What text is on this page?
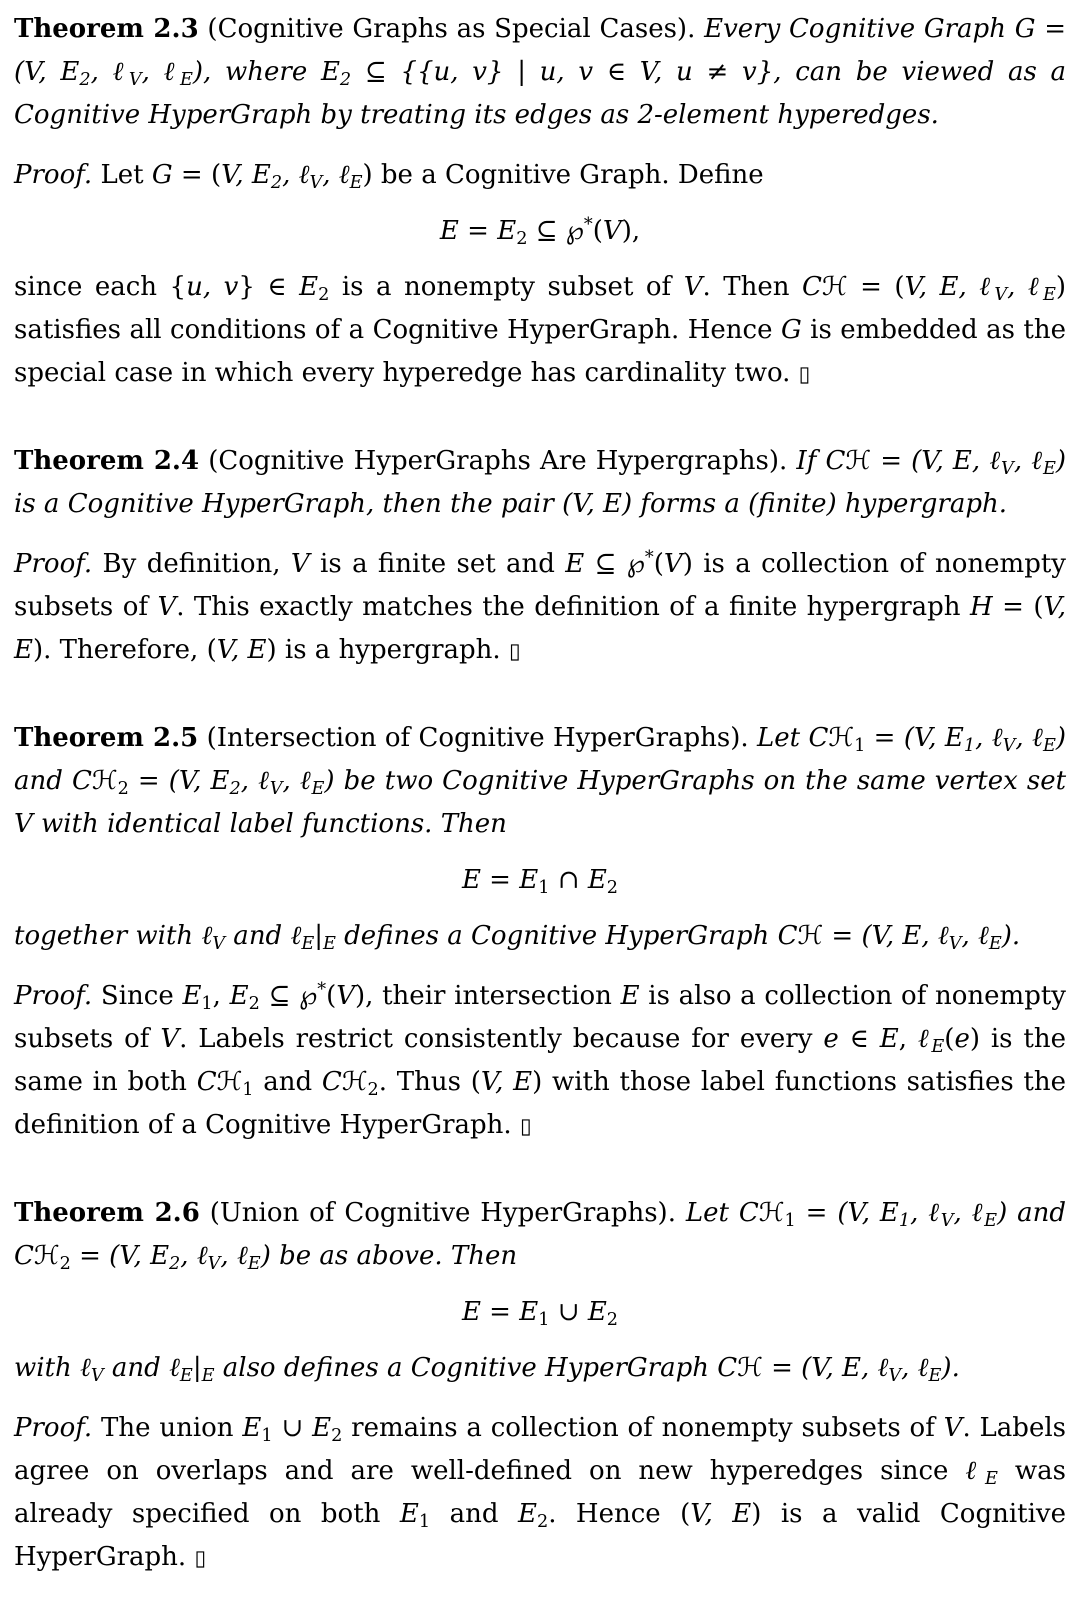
Theorem 2.3 (Cognitive Graphs as Special Cases). Every Cognitive Graph G = (V, E2, ℓV, ℓE), where E2 ⊆ {{u, v} | u, v ∈ V, u ≠ v}, can be viewed as a Cognitive HyperGraph by treating its edges as 2-element hyperedges.
Proof. Let G = (V, E2, ℓV, ℓE) be a Cognitive Graph. Define
E = E2 ⊆ ℘*(V),
since each {u, v} ∈ E2 is a nonempty subset of V. Then Cℋ = (V, E, ℓV, ℓE) satisfies all conditions of a Cognitive HyperGraph. Hence G is embedded as the special case in which every hyperedge has cardinality two. ▯
Theorem 2.4 (Cognitive HyperGraphs Are Hypergraphs). If Cℋ = (V, E, ℓV, ℓE) is a Cognitive HyperGraph, then the pair (V, E) forms a (finite) hypergraph.
Proof. By definition, V is a finite set and E ⊆ ℘*(V) is a collection of nonempty subsets of V. This exactly matches the definition of a finite hypergraph H = (V, E). Therefore, (V, E) is a hypergraph. ▯
Theorem 2.5 (Intersection of Cognitive HyperGraphs). Let Cℋ1 = (V, E1, ℓV, ℓE) and Cℋ2 = (V, E2, ℓV, ℓE) be two Cognitive HyperGraphs on the same vertex set V with identical label functions. Then
E = E1 ∩ E2
together with ℓV and ℓE|E defines a Cognitive HyperGraph Cℋ = (V, E, ℓV, ℓE).
Proof. Since E1, E2 ⊆ ℘*(V), their intersection E is also a collection of nonempty subsets of V. Labels restrict consistently because for every e ∈ E, ℓE(e) is the same in both Cℋ1 and Cℋ2. Thus (V, E) with those label functions satisfies the definition of a Cognitive HyperGraph. ▯
Theorem 2.6 (Union of Cognitive HyperGraphs). Let Cℋ1 = (V, E1, ℓV, ℓE) and Cℋ2 = (V, E2, ℓV, ℓE) be as above. Then
E = E1 ∪ E2
with ℓV and ℓE|E also defines a Cognitive HyperGraph Cℋ = (V, E, ℓV, ℓE).
Proof. The union E1 ∪ E2 remains a collection of nonempty subsets of V. Labels agree on overlaps and are well-defined on new hyperedges since ℓE was already specified on both E1 and E2. Hence (V, E) is a valid Cognitive HyperGraph. ▯
